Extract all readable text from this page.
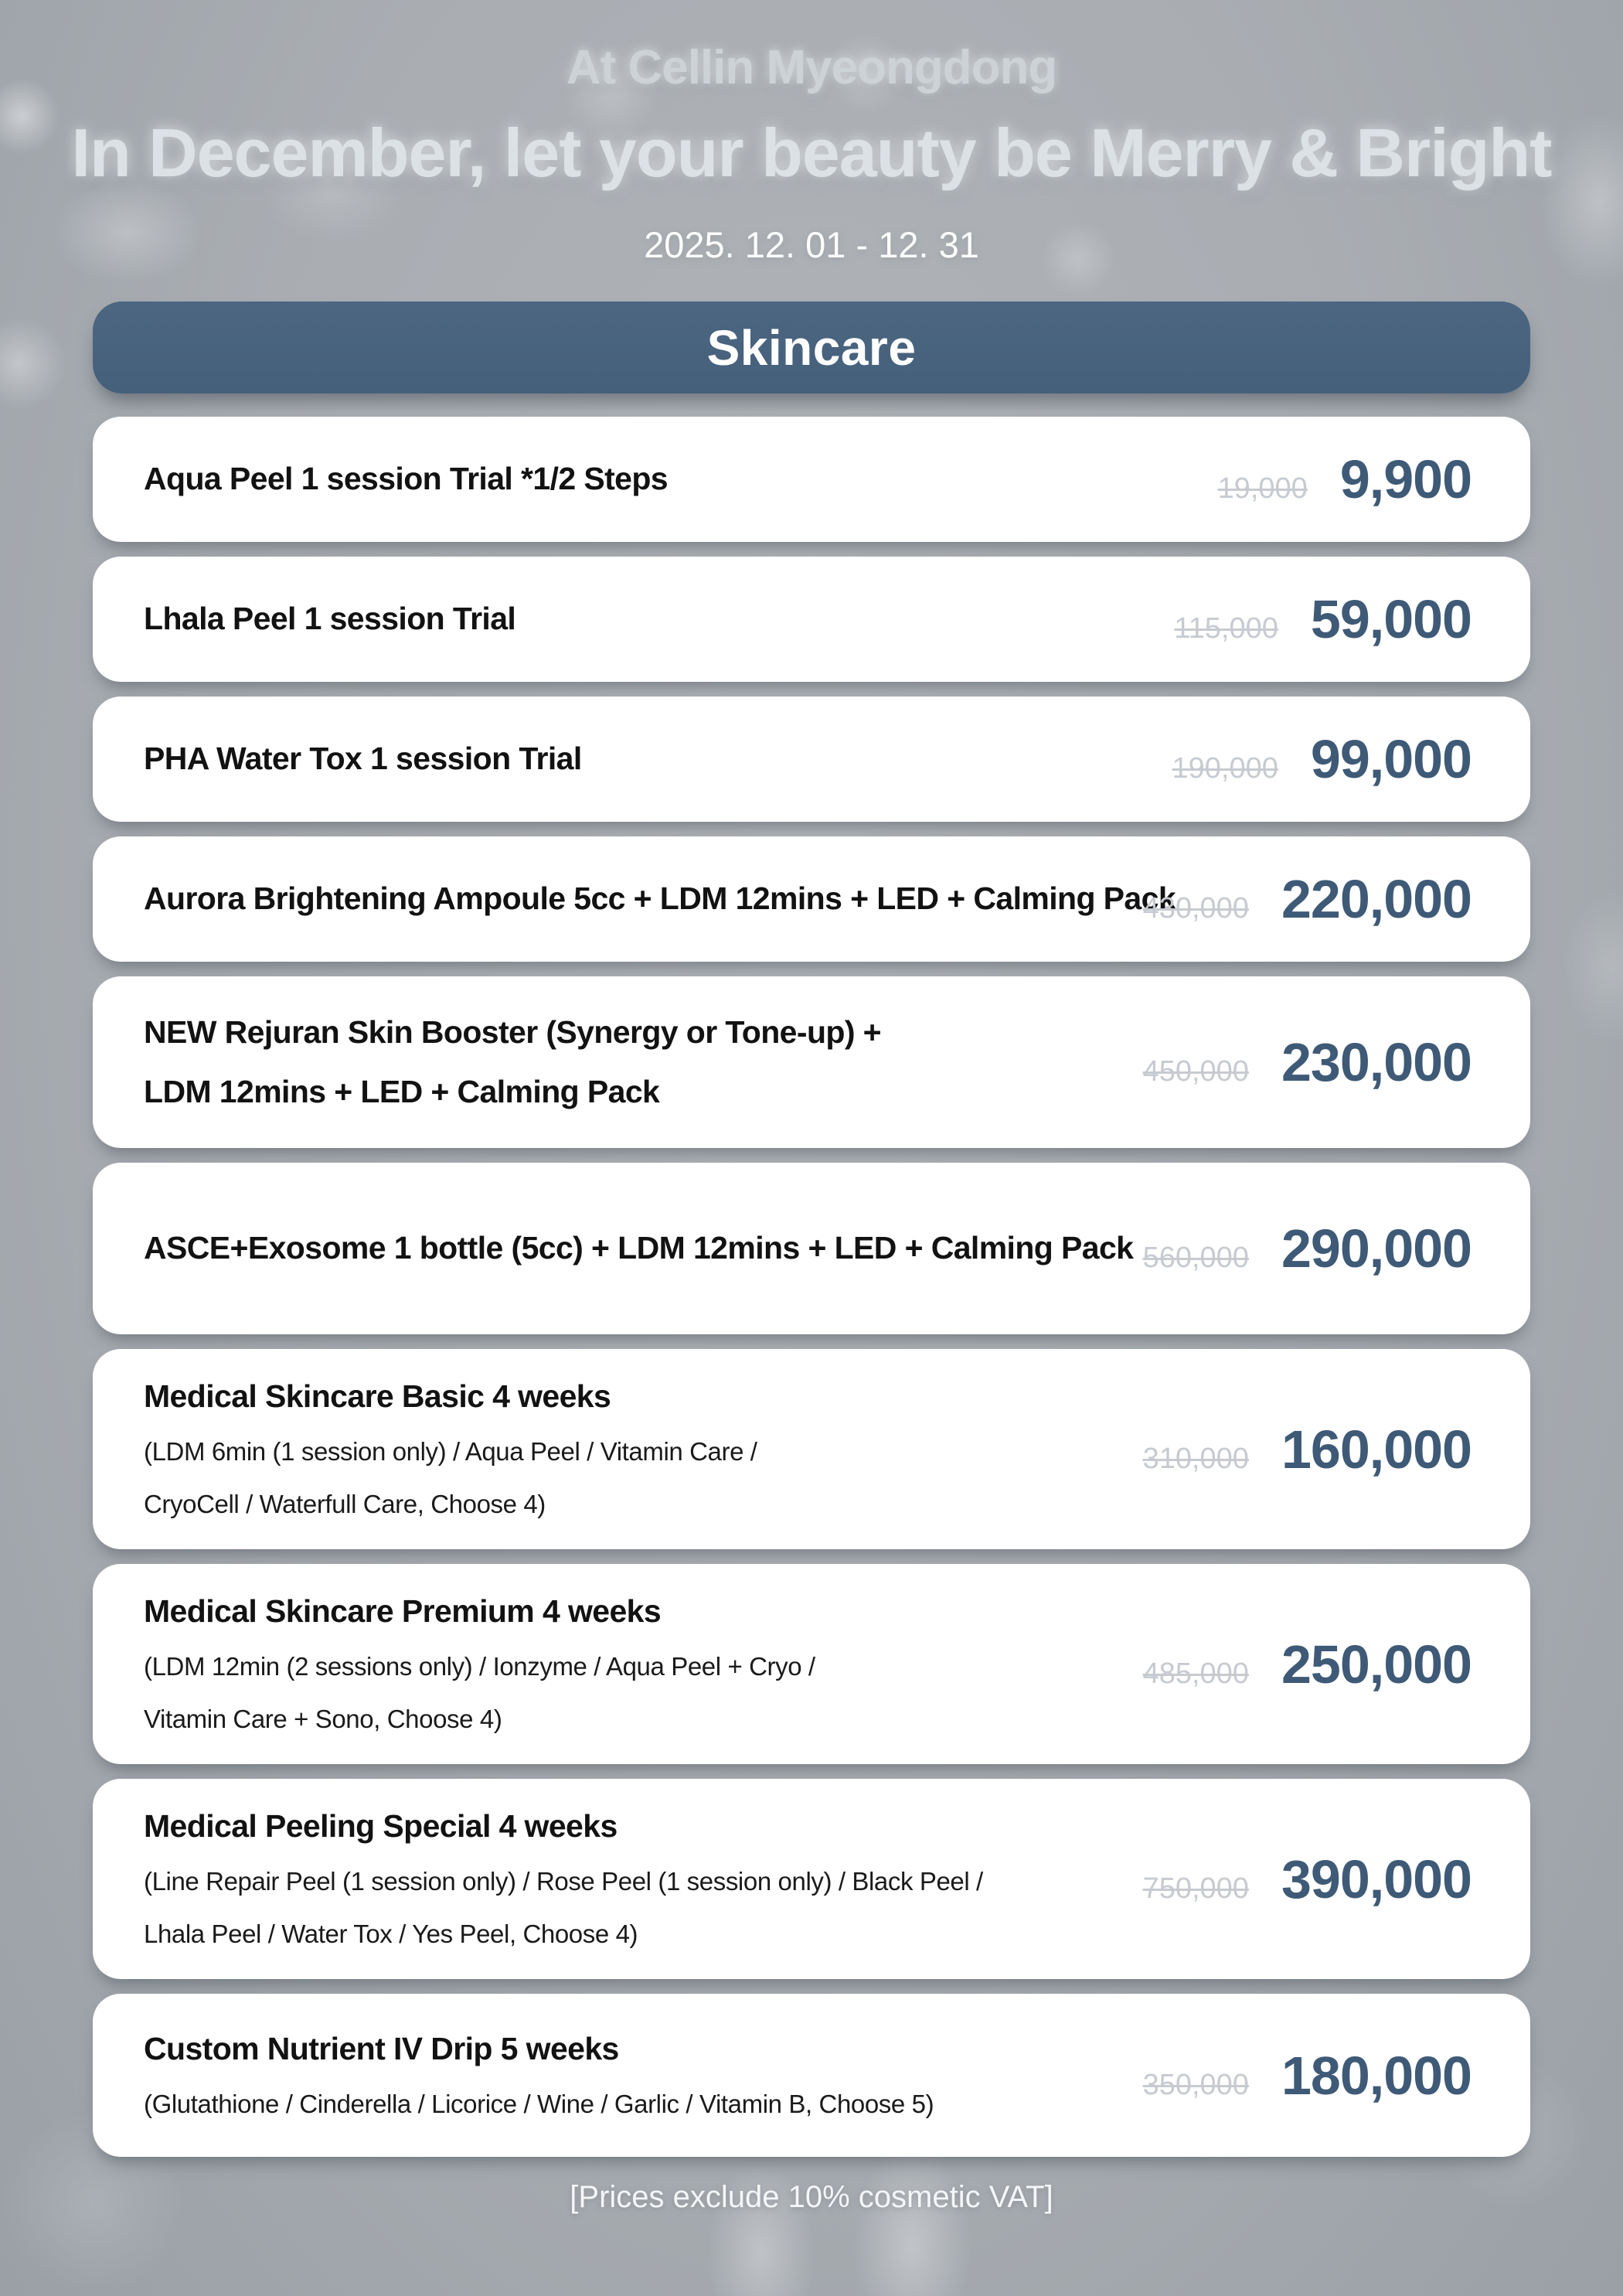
At Cellin Myeongdong
In December, let your beauty be Merry & Bright
2025. 12. 01 - 12. 31
Skincare
Aqua Peel 1 session Trial *1/2 Steps	19,000 9,900
Lhala Peel 1 session Trial	115,000 59,000
PHA Water Tox 1 session Trial	190,000 99,000
Aurora Brightening Ampoule 5cc + LDM 12mins + LED + Calming Pack
430,000 220,000
NEW Rejuran Skin Booster (Synergy or Tone-up) +
LDM 12mins + LED + Calming Pack
450,000 230,000
ASCE+Exosome 1 bottle (5cc) + LDM 12mins + LED + Calming Pack 560,000 290,000
Medical Skincare Basic 4 weeks
(LDM 6min (1 session only) / Aqua Peel / Vitamin Care /
CryoCell / Waterfull Care, Choose 4)
310,000 160,000
Medical Skincare Premium 4 weeks
(LDM 12min (2 sessions only) / Ionzyme / Aqua Peel + Cryo /
Vitamin Care + Sono, Choose 4)
485,000 250,000
Medical Peeling Special 4 weeks
(Line Repair Peel (1 session only) / Rose Peel (1 session only) / Black Peel /
Lhala Peel / Water Tox / Yes Peel, Choose 4)
750,000 390,000
Custom Nutrient IV Drip 5 weeks
(Glutathione / Cinderella / Licorice / Wine / Garlic / Vitamin B, Choose 5)
350,000 180,000
[Prices exclude 10% cosmetic VAT]
